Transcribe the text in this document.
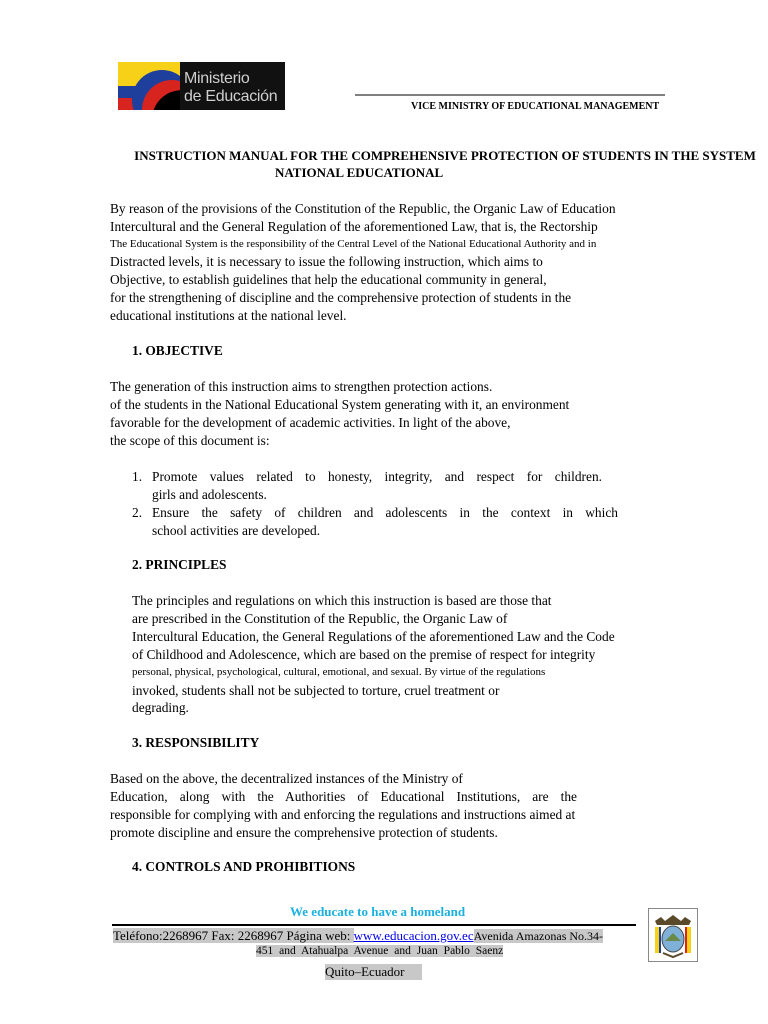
Ministerio
de Educación
VICE MINISTRY OF EDUCATIONAL MANAGEMENT
INSTRUCTION MANUAL FOR THE COMPREHENSIVE PROTECTION OF STUDENTS IN THE SYSTEM
NATIONAL EDUCATIONAL
By reason of the provisions of the Constitution of the Republic, the Organic Law of Education
Intercultural and the General Regulation of the aforementioned Law, that is, the Rectorship
The Educational System is the responsibility of the Central Level of the National Educational Authority and in
Distracted levels, it is necessary to issue the following instruction, which aims to
Objective, to establish guidelines that help the educational community in general,
for the strengthening of discipline and the comprehensive protection of students in the
educational institutions at the national level.
1. OBJECTIVE
The generation of this instruction aims to strengthen protection actions.
of the students in the National Educational System generating with it, an environment
favorable for the development of academic activities. In light of the above,
the scope of this document is:
1. Promote values related to honesty, integrity, and respect for children.
girls and adolescents.
2. Ensure the safety of children and adolescents in the context in which
school activities are developed.
2. PRINCIPLES
The principles and regulations on which this instruction is based are those that
are prescribed in the Constitution of the Republic, the Organic Law of
Intercultural Education, the General Regulations of the aforementioned Law and the Code
of Childhood and Adolescence, which are based on the premise of respect for integrity
personal, physical, psychological, cultural, emotional, and sexual. By virtue of the regulations
invoked, students shall not be subjected to torture, cruel treatment or
degrading.
3. RESPONSIBILITY
Based on the above, the decentralized instances of the Ministry of
Education, along with the Authorities of Educational Institutions, are the
responsible for complying with and enforcing the regulations and instructions aimed at
promote discipline and ensure the comprehensive protection of students.
4. CONTROLS AND PROHIBITIONS
We educate to have a homeland
Teléfono:2268967 Fax: 2268967 Página web: www.educacion.gov.ecAvenida Amazonas No.34-
451 and Atahualpa Avenue and Juan Pablo Saenz
Quito–Ecuador
